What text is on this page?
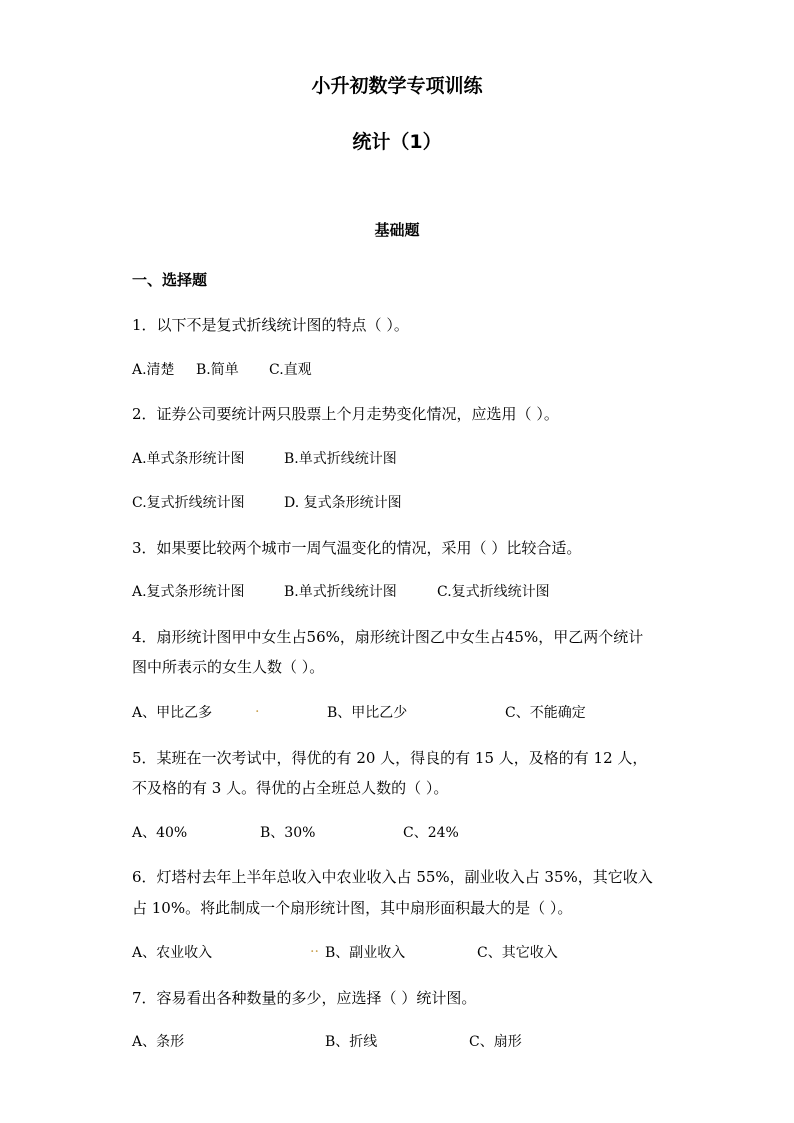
小升初数学专项训练
统计（1）
基础题
一、选择题
1．以下不是复式折线统计图的特点（ ）。
A.清楚 B.简单 C.直观
2．证券公司要统计两只股票上个月走势变化情况，应选用（ ）。
A.单式条形统计图	B.单式折线统计图
C.复式折线统计图	D. 复式条形统计图
3．如果要比较两个城市一周气温变化的情况，采用（ ）比较合适。
A.复式条形统计图	B.单式折线统计图	C.复式折线统计图
4．扇形统计图甲中女生占56%，扇形统计图乙中女生占45%，甲乙两个统计
图中所表示的女生人数（ ）。
A、甲比乙多	.	B、甲比乙少	C、不能确定
5．某班在一次考试中，得优的有 20 人，得良的有 15 人，及格的有 12 人，
不及格的有 3 人。得优的占全班总人数的（ ）。
A、40%	B、30%	C、24%
6．灯塔村去年上半年总收入中农业收入占 55%，副业收入占 35%，其它收入
占 10%。将此制成一个扇形统计图，其中扇形面积最大的是（ ）。
A、农业收入	.. B、副业收入	C、其它收入
7．容易看出各种数量的多少，应选择（ ）统计图。
A、条形	B、折线	C、扇形
